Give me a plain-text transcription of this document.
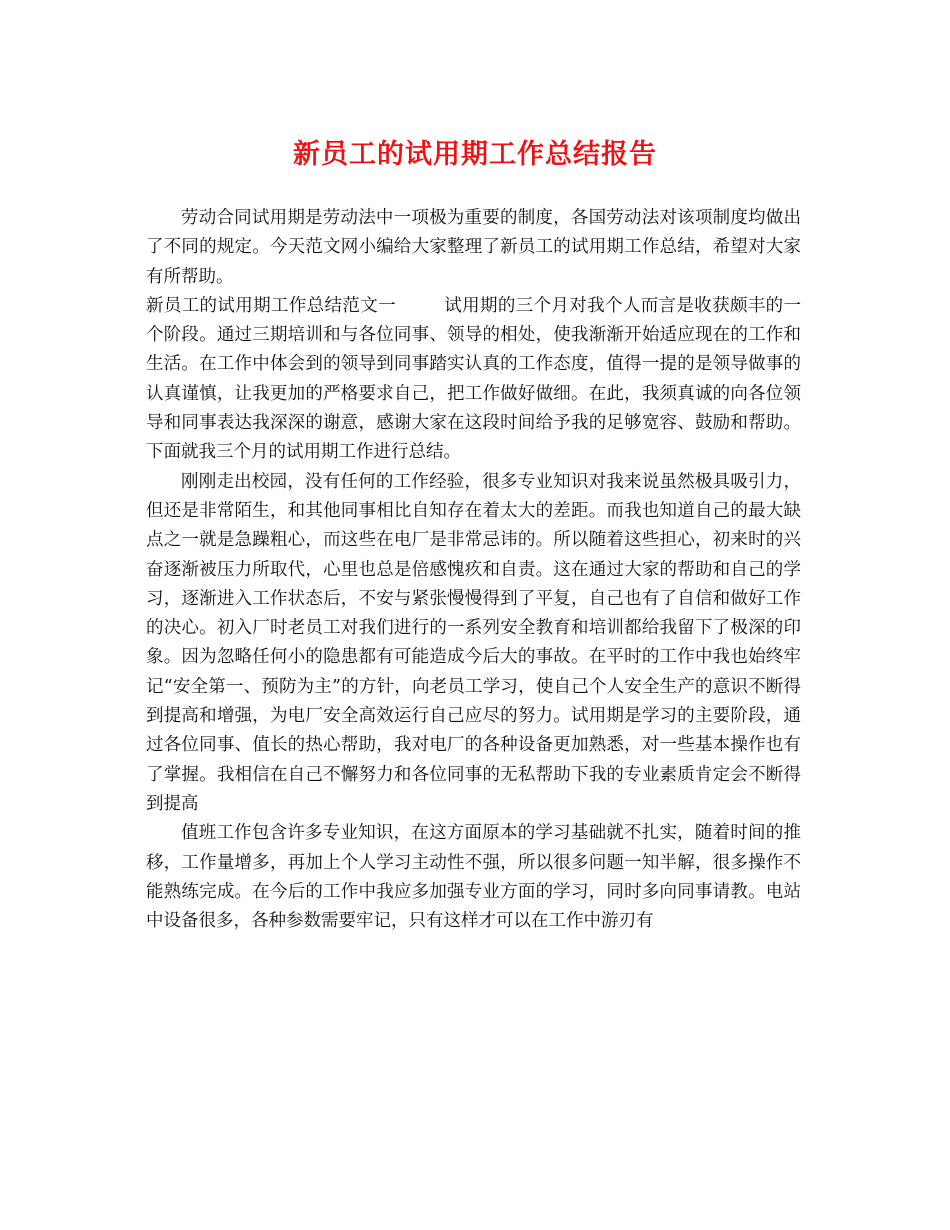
新员工的试用期工作总结报告

劳动合同试用期是劳动法中一项极为重要的制度，各国劳动法对该项制度均做出了不同的规定。今天范文网小编给大家整理了新员工的试用期工作总结，希望对大家有所帮助。

新员工的试用期工作总结范文一	试用期的三个月对我个人而言是收获颇丰的一个阶段。通过三期培训和与各位同事、领导的相处，使我渐渐开始适应现在的工作和生活。在工作中体会到的领导到同事踏实认真的工作态度，值得一提的是领导做事的认真谨慎，让我更加的严格要求自己，把工作做好做细。在此，我须真诚的向各位领导和同事表达我深深的谢意，感谢大家在这段时间给予我的足够宽容、鼓励和帮助。下面就我三个月的试用期工作进行总结。

刚刚走出校园，没有任何的工作经验，很多专业知识对我来说虽然极具吸引力，但还是非常陌生，和其他同事相比自知存在着太大的差距。而我也知道自己的最大缺点之一就是急躁粗心，而这些在电厂是非常忌讳的。所以随着这些担心，初来时的兴奋逐渐被压力所取代，心里也总是倍感愧疚和自责。这在通过大家的帮助和自己的学习，逐渐进入工作状态后，不安与紧张慢慢得到了平复，自己也有了自信和做好工作的决心。初入厂时老员工对我们进行的一系列安全教育和培训都给我留下了极深的印象。因为忽略任何小的隐患都有可能造成今后大的事故。在平时的工作中我也始终牢记“安全第一、预防为主”的方针，向老员工学习，使自己个人安全生产的意识不断得到提高和增强，为电厂安全高效运行自己应尽的努力。试用期是学习的主要阶段，通过各位同事、值长的热心帮助，我对电厂的各种设备更加熟悉，对一些基本操作也有了掌握。我相信在自己不懈努力和各位同事的无私帮助下我的专业素质肯定会不断得到提高

值班工作包含许多专业知识，在这方面原本的学习基础就不扎实，随着时间的推移，工作量增多，再加上个人学习主动性不强，所以很多问题一知半解，很多操作不能熟练完成。在今后的工作中我应多加强专业方面的学习，同时多向同事请教。电站中设备很多，各种参数需要牢记，只有这样才可以在工作中游刃有
